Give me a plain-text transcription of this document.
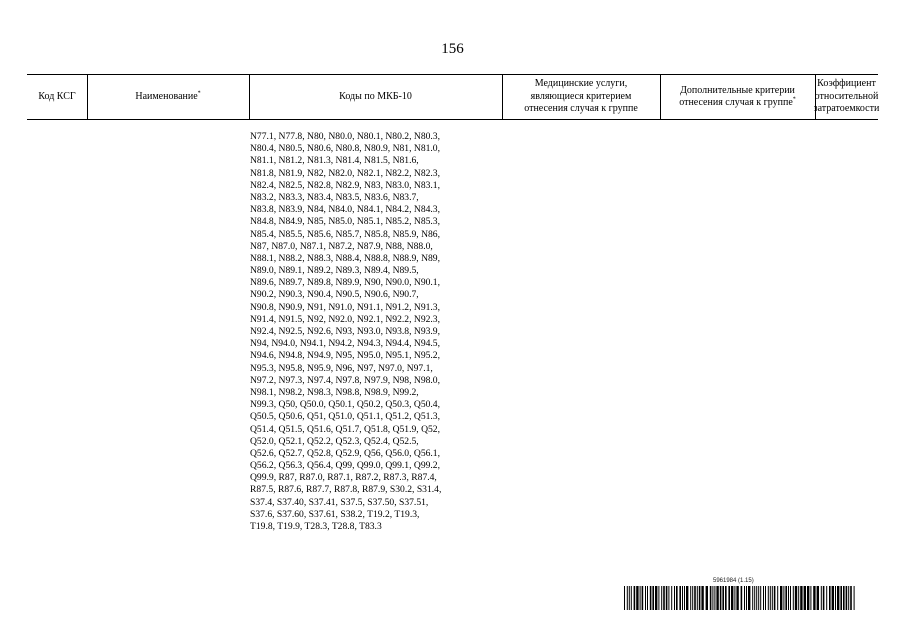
156
Код КСГ	Наименование*	Коды по МКБ-10
Медицинские услуги,
являющиеся критерием
отнесения случая к группе
Дополнительные критерии
отнесения случая к группе*
Коэффициент
относительной
затратоемкости
N77.1, N77.8, N80, N80.0, N80.1, N80.2, N80.3,
N80.4, N80.5, N80.6, N80.8, N80.9, N81, N81.0,
N81.1, N81.2, N81.3, N81.4, N81.5, N81.6,
N81.8, N81.9, N82, N82.0, N82.1, N82.2, N82.3,
N82.4, N82.5, N82.8, N82.9, N83, N83.0, N83.1,
N83.2, N83.3, N83.4, N83.5, N83.6, N83.7,
N83.8, N83.9, N84, N84.0, N84.1, N84.2, N84.3,
N84.8, N84.9, N85, N85.0, N85.1, N85.2, N85.3,
N85.4, N85.5, N85.6, N85.7, N85.8, N85.9, N86,
N87, N87.0, N87.1, N87.2, N87.9, N88, N88.0,
N88.1, N88.2, N88.3, N88.4, N88.8, N88.9, N89,
N89.0, N89.1, N89.2, N89.3, N89.4, N89.5,
N89.6, N89.7, N89.8, N89.9, N90, N90.0, N90.1,
N90.2, N90.3, N90.4, N90.5, N90.6, N90.7,
N90.8, N90.9, N91, N91.0, N91.1, N91.2, N91.3,
N91.4, N91.5, N92, N92.0, N92.1, N92.2, N92.3,
N92.4, N92.5, N92.6, N93, N93.0, N93.8, N93.9,
N94, N94.0, N94.1, N94.2, N94.3, N94.4, N94.5,
N94.6, N94.8, N94.9, N95, N95.0, N95.1, N95.2,
N95.3, N95.8, N95.9, N96, N97, N97.0, N97.1,
N97.2, N97.3, N97.4, N97.8, N97.9, N98, N98.0,
N98.1, N98.2, N98.3, N98.8, N98.9, N99.2,
N99.3, Q50, Q50.0, Q50.1, Q50.2, Q50.3, Q50.4,
Q50.5, Q50.6, Q51, Q51.0, Q51.1, Q51.2, Q51.3,
Q51.4, Q51.5, Q51.6, Q51.7, Q51.8, Q51.9, Q52,
Q52.0, Q52.1, Q52.2, Q52.3, Q52.4, Q52.5,
Q52.6, Q52.7, Q52.8, Q52.9, Q56, Q56.0, Q56.1,
Q56.2, Q56.3, Q56.4, Q99, Q99.0, Q99.1, Q99.2,
Q99.9, R87, R87.0, R87.1, R87.2, R87.3, R87.4,
R87.5, R87.6, R87.7, R87.8, R87.9, S30.2, S31.4,
S37.4, S37.40, S37.41, S37.5, S37.50, S37.51,
S37.6, S37.60, S37.61, S38.2, T19.2, T19.3,
T19.8, T19.9, T28.3, T28.8, T83.3
5961984 (1.15)
